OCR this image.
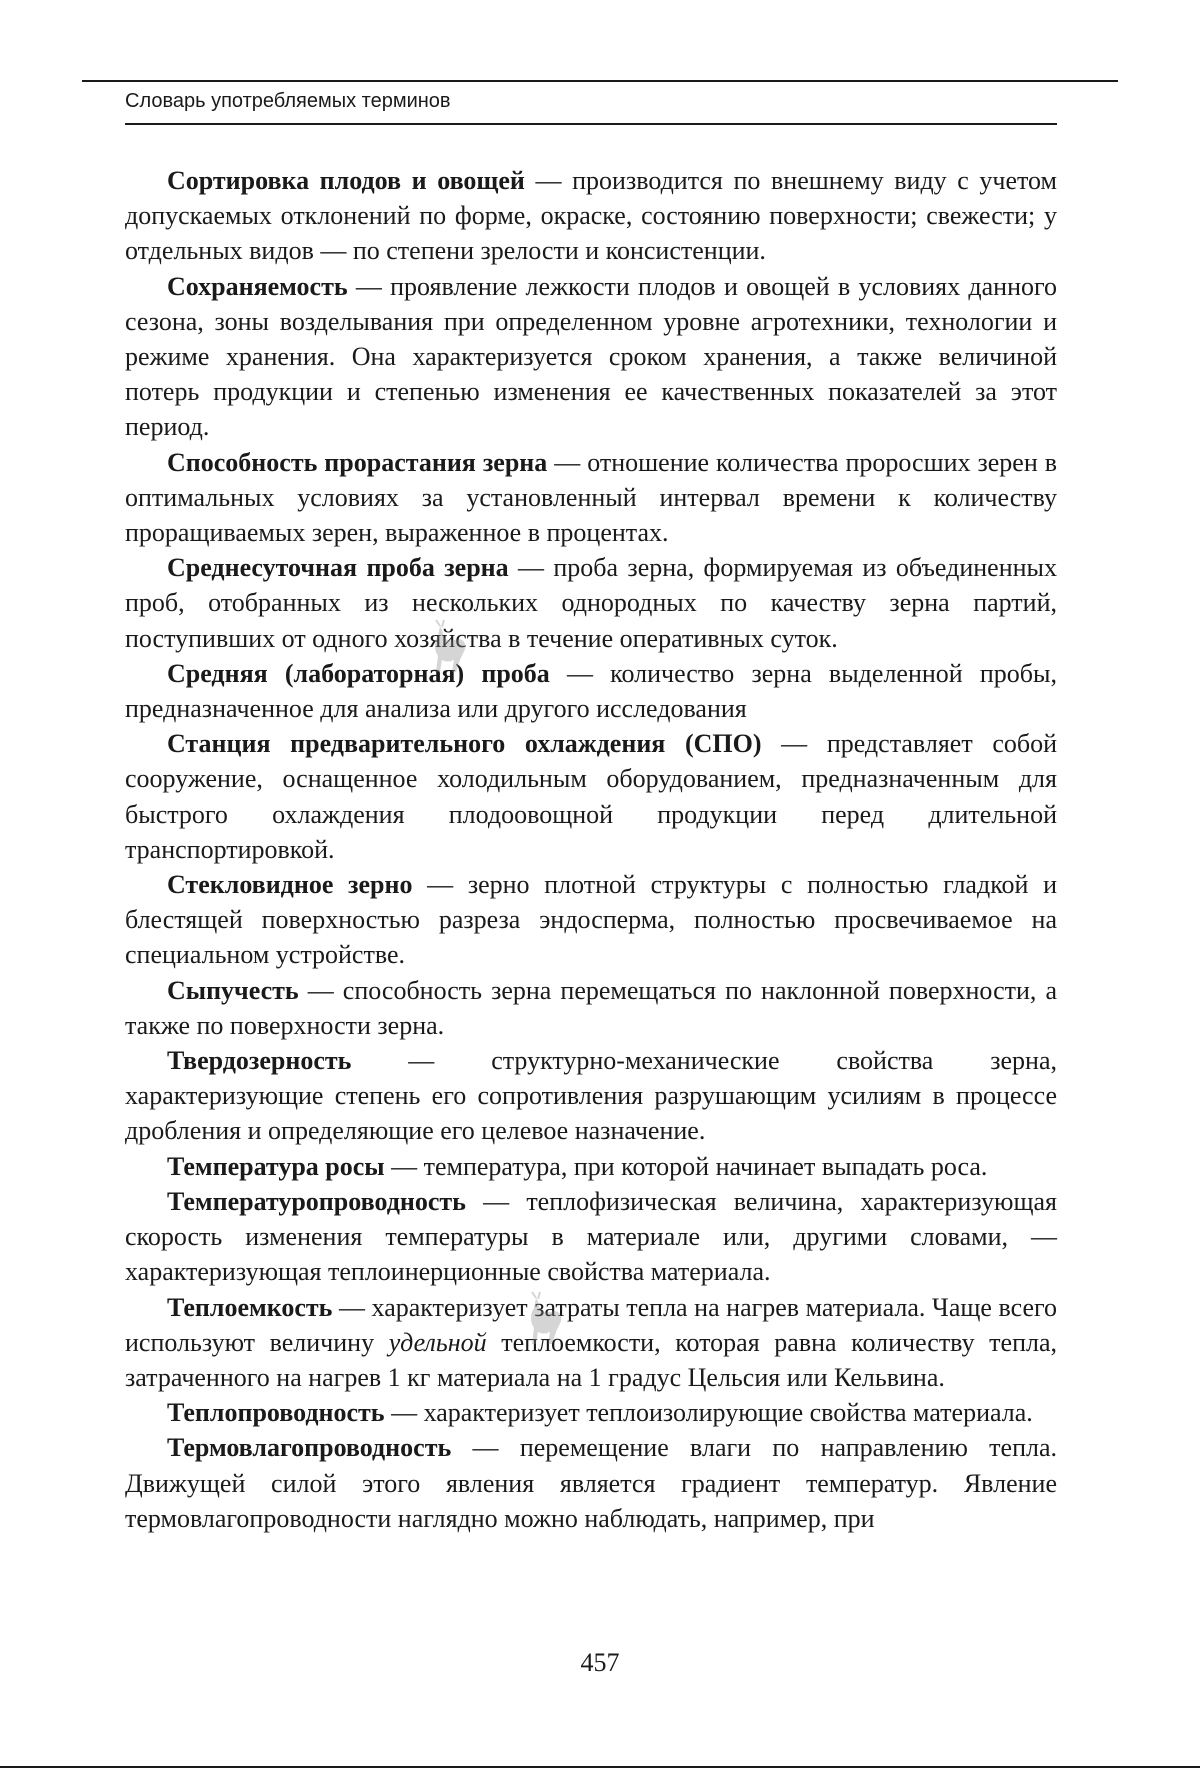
Словарь употребляемых терминов

Сортировка плодов и овощей — производится по внешнему виду с учетом допускаемых отклонений по форме, окраске, состоянию поверхности; свежести; у отдельных видов — по степени зрелости и консистенции.

Сохраняемость — проявление лежкости плодов и овощей в условиях данного сезона, зоны возделывания при определенном уровне агротехники, технологии и режиме хранения. Она характеризуется сроком хранения, а также величиной потерь продукции и степенью изменения ее качественных показателей за этот период.

Способность прорастания зерна — отношение количества проросших зерен в оптимальных условиях за установленный интервал времени к количеству проращиваемых зерен, выраженное в процентах.

Среднесуточная проба зерна — проба зерна, формируемая из объединенных проб, отобранных из нескольких однородных по качеству зерна партий, поступивших от одного хозяйства в течение оперативных суток.

Средняя (лабораторная) проба — количество зерна выделенной пробы, предназначенное для анализа или другого исследования

Станция предварительного охлаждения (СПО) — представляет собой сооружение, оснащенное холодильным оборудованием, предназначенным для быстрого охлаждения плодоовощной продукции перед длительной транспортировкой.

Стекловидное зерно — зерно плотной структуры с полностью гладкой и блестящей поверхностью разреза эндосперма, полностью просвечиваемое на специальном устройстве.

Сыпучесть — способность зерна перемещаться по наклонной поверхности, а также по поверхности зерна.

Твердозерность — структурно-механические свойства зерна, характеризующие степень его сопротивления разрушающим усилиям в процессе дробления и определяющие его целевое назначение.

Температура росы — температура, при которой начинает выпадать роса.

Температуропроводность — теплофизическая величина, характеризующая скорость изменения температуры в материале или, другими словами, — характеризующая теплоинерционные свойства материала.

Теплоемкость — характеризует затраты тепла на нагрев материала. Чаще всего используют величину удельной теплоемкости, которая равна количеству тепла, затраченного на нагрев 1 кг материала на 1 градус Цельсия или Кельвина.

Теплопроводность — характеризует теплоизолирующие свойства материала.

Термовлагопроводность — перемещение влаги по направлению тепла. Движущей силой этого явления является градиент температур. Явление термовлагопроводности наглядно можно наблюдать, например, при

457
